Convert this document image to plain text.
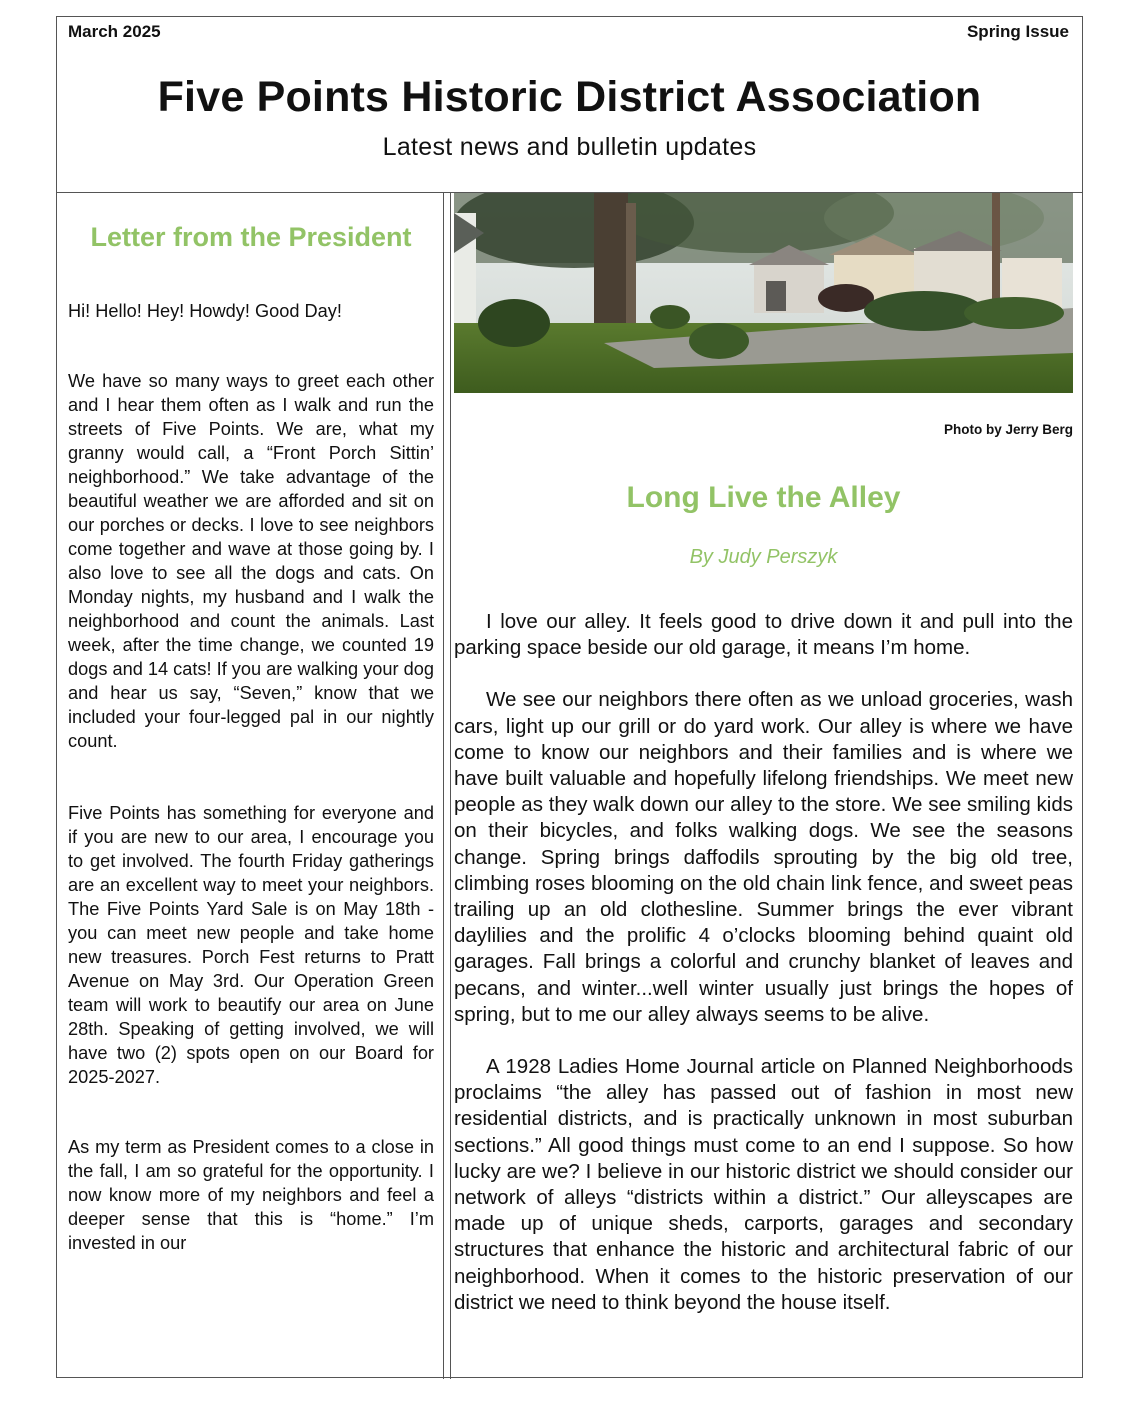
March 2025	Spring Issue
Five Points Historic District Association
Latest news and bulletin updates
Letter from the President

Hi! Hello! Hey! Howdy! Good Day!

We have so many ways to greet each other and I hear them often as I walk and run the streets of Five Points. We are, what my granny would call, a “Front Porch Sittin’ neighborhood.” We take advantage of the beautiful weather we are afforded and sit on our porches or decks. I love to see neighbors come together and wave at those going by. I also love to see all the dogs and cats. On Monday nights, my husband and I walk the neighborhood and count the animals. Last week, after the time change, we counted 19 dogs and 14 cats! If you are walking your dog and hear us say, “Seven,” know that we included your four-legged pal in our nightly count.

Five Points has something for everyone and if you are new to our area, I encourage you to get involved. The fourth Friday gatherings are an excellent way to meet your neighbors. The Five Points Yard Sale is on May 18th - you can meet new people and take home new treasures. Porch Fest returns to Pratt Avenue on May 3rd. Our Operation Green team will work to beautify our area on June 28th. Speaking of getting involved, we will have two (2) spots open on our Board for 2025-2027.

As my term as President comes to a close in the fall, I am so grateful for the opportunity. I now know more of my neighbors and feel a deeper sense that this is “home.” I’m invested in our

Photo by Jerry Berg
Long Live the Alley
By Judy Perszyk

I love our alley. It feels good to drive down it and pull into the parking space beside our old garage, it means I’m home.

We see our neighbors there often as we unload groceries, wash cars, light up our grill or do yard work. Our alley is where we have come to know our neighbors and their families and is where we have built valuable and hopefully lifelong friendships. We meet new people as they walk down our alley to the store. We see smiling kids on their bicycles, and folks walking dogs. We see the seasons change. Spring brings daffodils sprouting by the big old tree, climbing roses blooming on the old chain link fence, and sweet peas trailing up an old clothesline. Summer brings the ever vibrant daylilies and the prolific 4 o’clocks blooming behind quaint old garages. Fall brings a colorful and crunchy blanket of leaves and pecans, and winter...well winter usually just brings the hopes of spring, but to me our alley always seems to be alive.

A 1928 Ladies Home Journal article on Planned Neighborhoods proclaims “the alley has passed out of fashion in most new residential districts, and is practically unknown in most suburban sections.” All good things must come to an end I suppose. So how lucky are we? I believe in our historic district we should consider our network of alleys “districts within a district.” Our alleyscapes are made up of unique sheds, carports, garages and secondary structures that enhance the historic and architectural fabric of our neighborhood. When it comes to the historic preservation of our district we need to think beyond the house itself.
